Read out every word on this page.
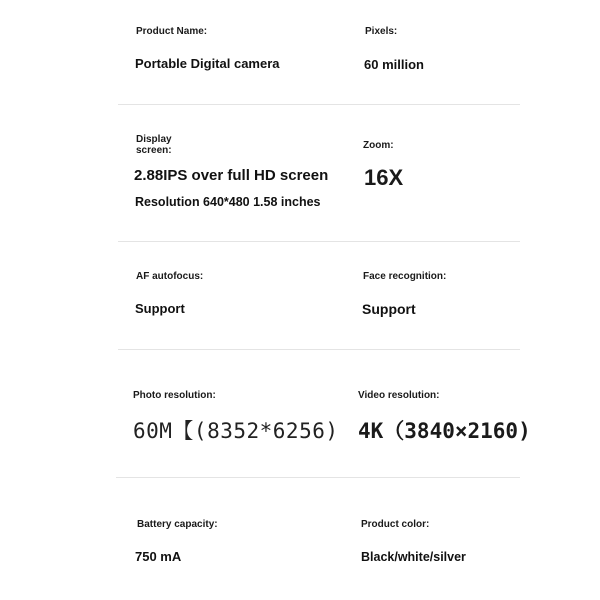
Product Name:
Portable Digital camera
Pixels:
60 million
Display screen:
2.88IPS over full HD screen
Resolution 640*480 1.58 inches
Zoom:
16X
AF autofocus:
Support
Face recognition:
Support
Photo resolution:
60M【(8352*6256)
Video resolution:
4K（3840×2160)
Battery capacity:
750 mA
Product color:
Black/white/silver
